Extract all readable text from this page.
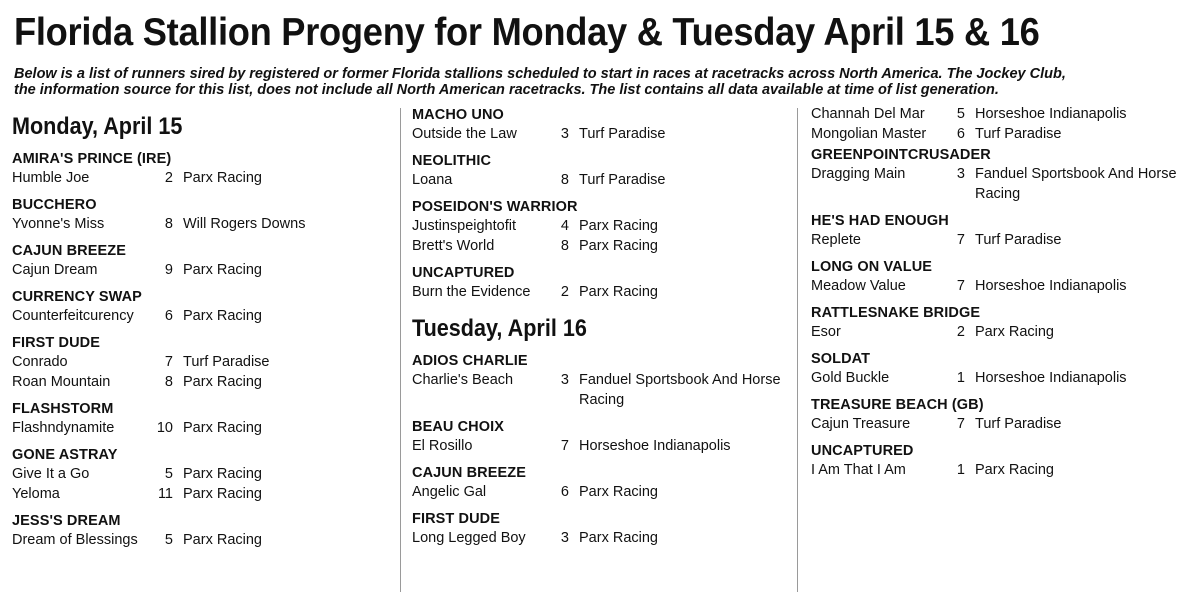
Florida Stallion Progeny for Monday & Tuesday April 15 & 16
Below is a list of runners sired by registered or former Florida stallions scheduled to start in races at racetracks across North America. The Jockey Club,
the information source for this list, does not include all North American racetracks. The list contains all data available at time of list generation.
Monday, April 15
AMIRA'S PRINCE (IRE)
Humble Joe	2 Parx Racing
BUCCHERO
Yvonne's Miss	8 Will Rogers Downs
CAJUN BREEZE
Cajun Dream	9 Parx Racing
CURRENCY SWAP
Counterfeitcurency	6 Parx Racing
FIRST DUDE
Conrado	7 Turf Paradise
Roan Mountain	8 Parx Racing
FLASHSTORM
Flashndynamite	10 Parx Racing
GONE ASTRAY
Give It a Go	5 Parx Racing
Yeloma	11 Parx Racing
JESS'S DREAM
Dream of Blessings	5 Parx Racing
MACHO UNO
Outside the Law	3 Turf Paradise
NEOLITHIC
Loana	8 Turf Paradise
POSEIDON'S WARRIOR
Justinspeightofit	4 Parx Racing
Brett's World	8 Parx Racing
UNCAPTURED
Burn the Evidence	2 Parx Racing
Tuesday, April 16
ADIOS CHARLIE
Charlie's Beach	3 Fanduel Sportsbook And Horse Racing
BEAU CHOIX
El Rosillo	7 Horseshoe Indianapolis
CAJUN BREEZE
Angelic Gal	6 Parx Racing
FIRST DUDE
Long Legged Boy	3 Parx Racing
Channah Del Mar	5 Horseshoe Indianapolis
Mongolian Master	6 Turf Paradise
GREENPOINTCRUSADER
Dragging Main	3 Fanduel Sportsbook And Horse Racing
HE'S HAD ENOUGH
Replete	7 Turf Paradise
LONG ON VALUE
Meadow Value	7 Horseshoe Indianapolis
RATTLESNAKE BRIDGE
Esor	2 Parx Racing
SOLDAT
Gold Buckle	1 Horseshoe Indianapolis
TREASURE BEACH (GB)
Cajun Treasure	7 Turf Paradise
UNCAPTURED
I Am That I Am	1 Parx Racing
